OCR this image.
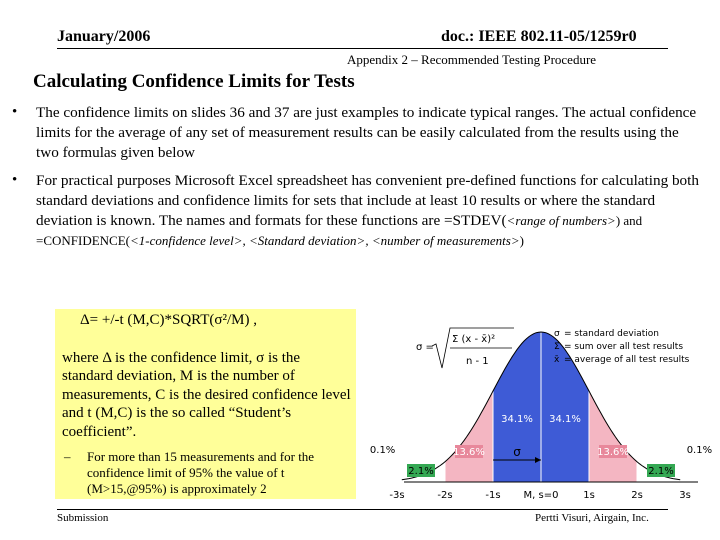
January/2006	doc.: IEEE 802.11-05/1259r0
Appendix 2 – Recommended Testing Procedure
Calculating Confidence Limits for Tests
• The confidence limits on slides 36 and 37 are just examples to indicate typical ranges. The actual confidence limits for the average of any set of measurement results can be easily calculated from the results using the two formulas given below
• For practical purposes Microsoft Excel spreadsheet has convenient pre-defined functions for calculating both standard deviations and confidence limits for sets that include at least 10 results or where the standard deviation is known. The names and formats for these functions are =STDEV(<range of numbers>) and =CONFIDENCE(<1-confidence level>, <Standard deviation>, <number of measurements>)
Δ= +/-t (M,C)*SQRT(σ²/M) ,
where Δ is the confidence limit, σ is the standard deviation, M is the number of measurements, C is the desired confidence level and t (M,C) is the so called “Student’s coefficient”.
– For more than 15 measurements and for the confidence limit of 95% the value of t (M>15,@95%) is approximately 2
0.1%
2.1%
13.6%
34.1% 34.1%
13.6%
2.1%
0.1%
σ
-3s	-2s	-1s M, s=0 1s	2s	3s
σ =
Σ (x - x̄)²
n - 1
σ = standard deviation
Σ = sum over all test results
x̄ = average of all test results
Submission	Pertti Visuri, Airgain, Inc.
